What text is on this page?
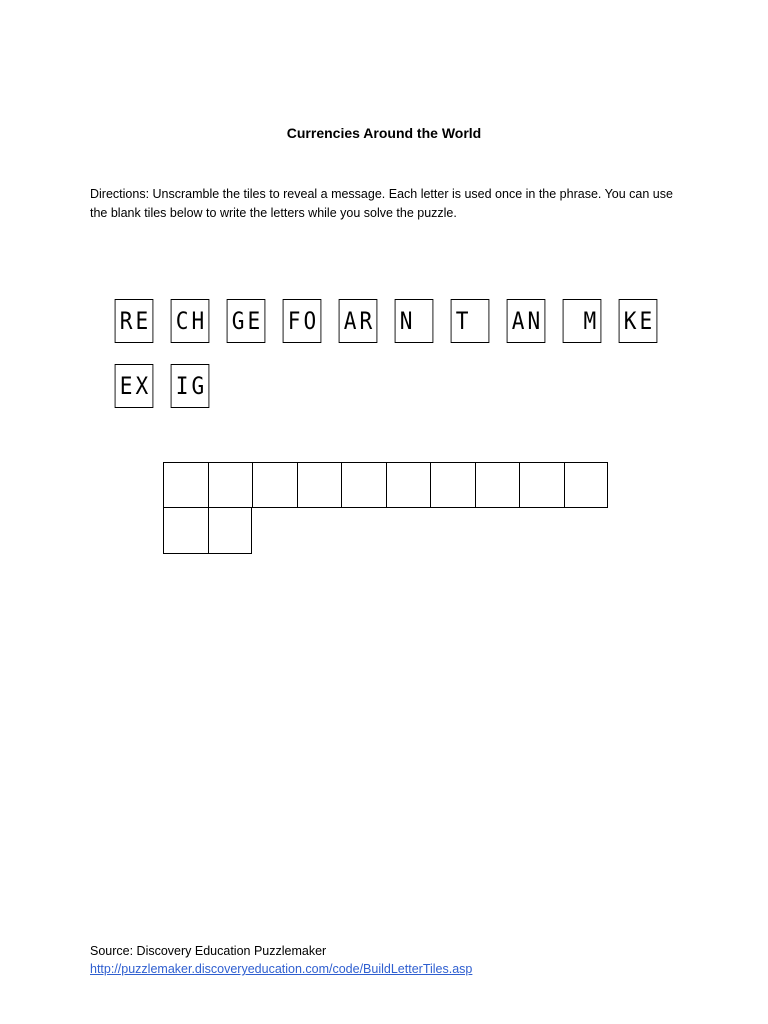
Currencies Around the World
Directions: Unscramble the tiles to reveal a message. Each letter is used once in the phrase. You can use the blank tiles below to write the letters while you solve the puzzle.
R E C H G E F O A R N
T
A N
M K E
E X I G
Source: Discovery Education Puzzlemaker
http://puzzlemaker.discoveryeducation.com/code/BuildLetterTiles.asp
